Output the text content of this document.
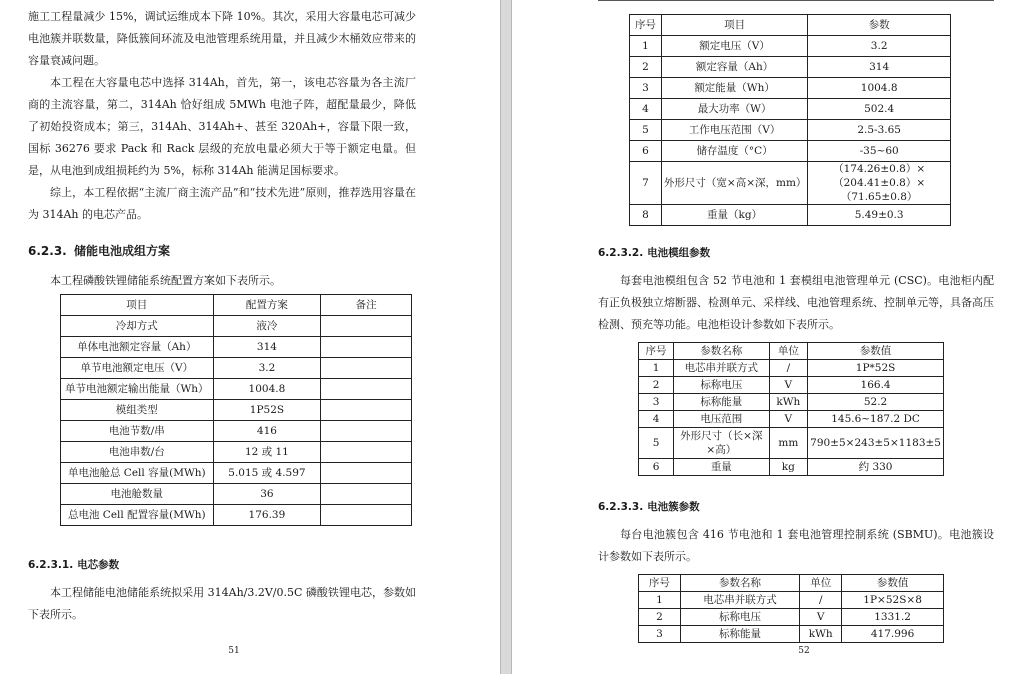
施工工程量减少 15%，调试运维成本下降 10%。其次，采用大容量电芯可减少电池簇并联数量，降低簇间环流及电池管理系统用量，并且减少木桶效应带来的容量衰减问题。

本工程在大容量电芯中选择 314Ah，首先，第一，该电芯容量为各主流厂商的主流容量，第二，314Ah 恰好组成 5MWh 电池子阵，超配量最少，降低了初始投资成本；第三，314Ah、314Ah+、甚至 320Ah+，容量下限一致，国标 36276 要求 Pack 和 Rack 层级的充放电量必须大于等于额定电量。但是，从电池到成组损耗约为 5%，标称 314Ah 能满足国标要求。

综上，本工程依据“主流厂商主流产品”和“技术先进”原则，推荐选用容量在为 314Ah 的电芯产品。

6.2.3. 储能电池成组方案

本工程磷酸铁锂储能系统配置方案如下表所示。

项目	配置方案	备注
冷却方式	液冷	
单体电池额定容量（Ah）	314	
单节电池额定电压（V）	3.2	
单节电池额定输出能量（Wh）	1004.8	
模组类型	1P52S	
电池节数/串	416	
电池串数/台	12 或 11	
单电池舱总 Cell 容量(MWh)	5.015 或 4.597	
电池舱数量	36	
总电池 Cell 配置容量(MWh)	176.39	
6.2.3.1. 电芯参数

本工程储能电池储能系统拟采用 314Ah/3.2V/0.5C 磷酸铁锂电芯，参数如下表所示。

51
序号	项目	参数
1	额定电压（V）	3.2
2	额定容量（Ah）	314
3	额定能量（Wh）	1004.8
4	最大功率（W）	502.4
5	工作电压范围（V）	2.5-3.65
6	储存温度（°C）	-35~60
7	外形尺寸（宽×高×深，mm）	（174.26±0.8）×（204.41±0.8）×（71.65±0.8）
8	重量（kg）	5.49±0.3
6.2.3.2. 电池模组参数

每套电池模组包含 52 节电池和 1 套模组电池管理单元 (CSC)。电池柜内配有正负极独立熔断器、检测单元、采样线、电池管理系统、控制单元等，具备高压检测、预充等功能。电池柜设计参数如下表所示。

序号	参数名称	单位	参数值
1	电芯串并联方式	/	1P*52S
2	标称电压	V	166.4
3	标称能量	kWh	52.2
4	电压范围	V	145.6~187.2 DC
5	外形尺寸（长×深×高）	mm	790±5×243±5×1183±5
6	重量	kg	约 330
6.2.3.3. 电池簇参数

每台电池簇包含 416 节电池和 1 套电池管理控制系统 (SBMU)。电池簇设计参数如下表所示。

序号	参数名称	单位	参数值
1	电芯串并联方式	/	1P×52S×8
2	标称电压	V	1331.2
3	标称能量	kWh	417.996
52
